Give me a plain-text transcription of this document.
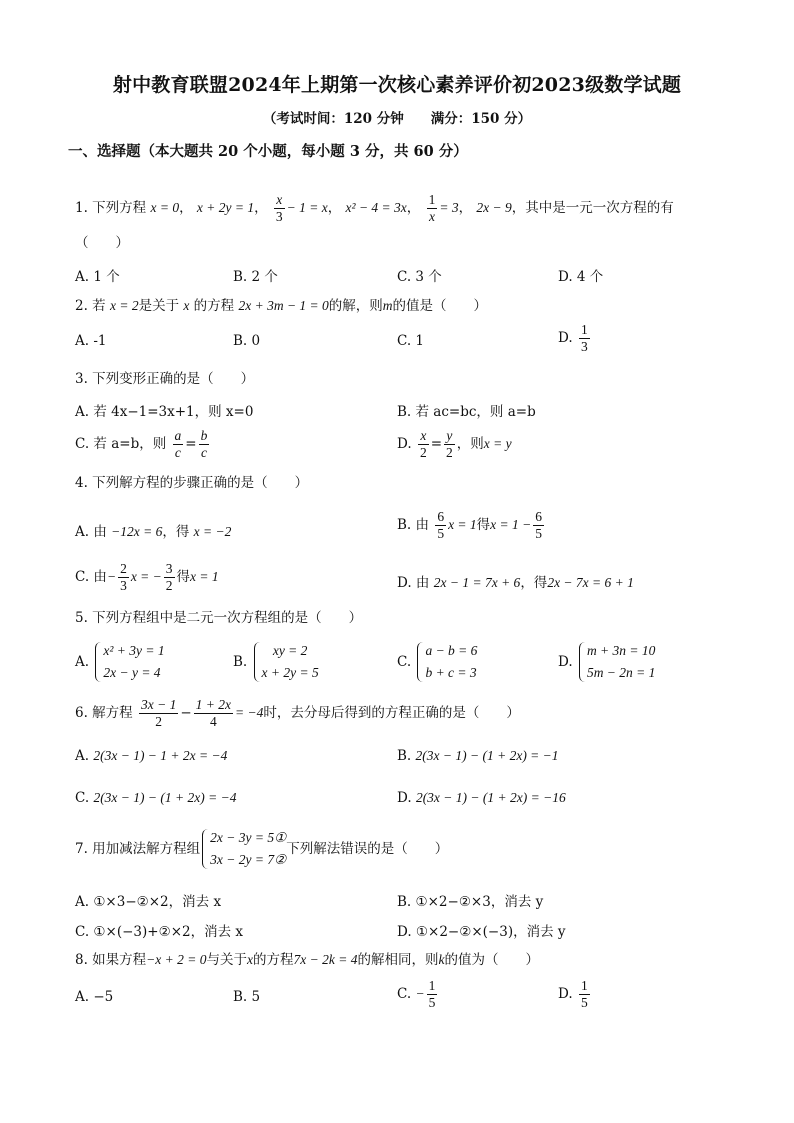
射中教育联盟2024年上期第一次核心素养评价初2023级数学试题
（考试时间：120 分钟　　满分：150 分）
一、选择题（本大题共 20 个小题，每小题 3 分，共 60 分）
1. 下列方程 x = 0， x + 2y = 1， $\frac{x}{3} - 1 = x$， x² − 4 = 3x， $\frac{1}{x} = 3$， 2x − 9，其中是一元一次方程的有
（　　）
A. 1 个	B. 2 个	C. 3 个	D. 4 个
2. 若 x = 2是关于 x 的方程 2x + 3m − 1 = 0的解，则m的值是（　　）
A. -1	B. 0	C. 1	D. $\frac{1}{3}$
3. 下列变形正确的是（　　）
A. 若 4x−1=3x+1，则 x=0	B. 若 ac=bc，则 a=b
C. 若 a=b，则 $\frac{a}{c} = \frac{b}{c}$	D. $\frac{x}{2} = \frac{y}{2}$ ，则x = y
4. 下列解方程的步骤正确的是（　　）
A. 由 −12x = 6，得 x = −2	B. 由 $\frac{6}{5}$ x = 1得$x = 1 - \frac{6}{5}$
C. 由− $\frac{2}{3}$ x = − $\frac{3}{2}$ 得x = 1	D. 由 2x − 1 = 7x + 6，得2x − 7x = 6 + 1
5. 下列方程组中是二元一次方程组的是（　　）
A.
x² + 3y = 1
2x − y = 4
B.
xy = 2
x + 2y = 5
C.
a − b = 6
b + c = 3
D.
m + 3n = 10
5m − 2n = 1
6. 解方程 $\frac{3x - 1}{2} - \frac{1 + 2x}{4} = -4$时，去分母后得到的方程正确的是（　　）
A. 2(3x − 1) − 1 + 2x = −4	B. 2(3x − 1) − (1 + 2x) = −1
C. 2(3x − 1) − (1 + 2x) = −4	D. 2(3x − 1) − (1 + 2x) = −16
7. 用加减法解方程组
2x − 3y = 5①
3x − 2y = 7②
下列解法错误的是（　　）
A. ①×3−②×2，消去 x	B. ①×2−②×3，消去 y
C. ①×(−3)+②×2，消去 x	D. ①×2−②×(−3)，消去 y
8. 如果方程−x + 2 = 0与关于x的方程7x − 2k = 4的解相同，则k的值为（　　）
A. −5	B. 5	C. − $\frac{1}{5}$	D. $\frac{1}{5}$
